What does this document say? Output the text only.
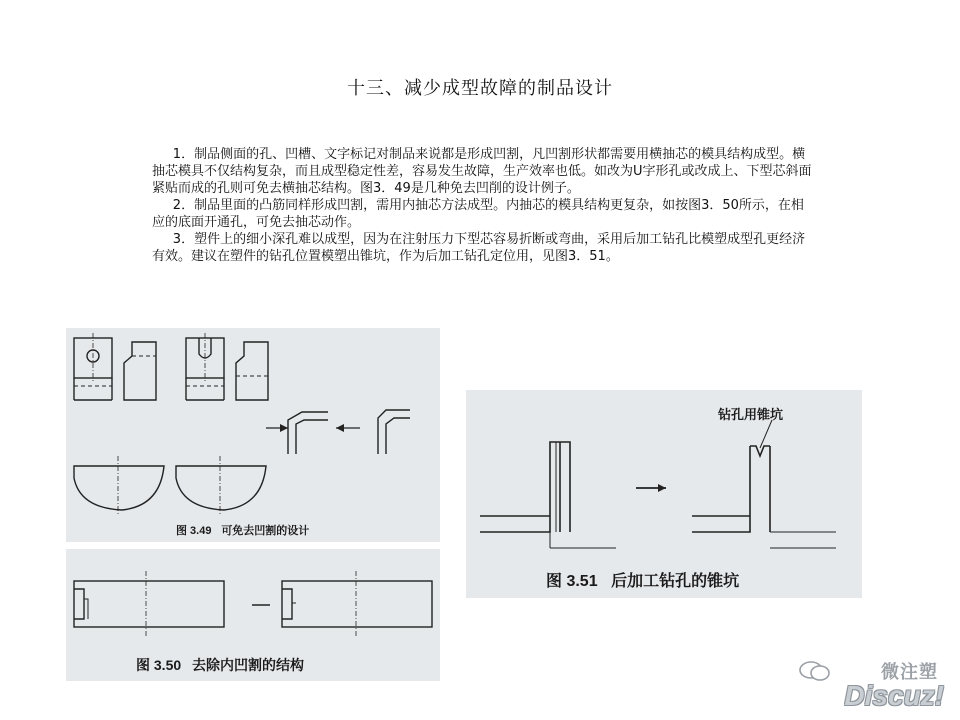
十三、减少成型故障的制品设计

1．制品侧面的孔、凹槽、文字标记对制品来说都是形成凹割，凡凹割形状都需要用横抽芯的模具结构成型。横抽芯模具不仅结构复杂，而且成型稳定性差，容易发生故障，生产效率也低。如改为U字形孔或改成上、下型芯斜面紧贴而成的孔则可免去横抽芯结构。图3．49是几种免去凹削的设计例子。

2．制品里面的凸筋同样形成凹割，需用内抽芯方法成型。内抽芯的模具结构更复杂，如按图3．50所示，在相应的底面开通孔，可免去抽芯动作。

3．塑件上的细小深孔难以成型，因为在注射压力下型芯容易折断或弯曲，采用后加工钻孔比模塑成型孔更经济有效。建议在塑件的钻孔位置模塑出锥坑，作为后加工钻孔定位用，见图3．51。

图 3.49 可免去凹割的设计
图 3.50 去除内凹割的结构
钻孔用锥坑
图 3.51 后加工钻孔的锥坑
微注塑
Discuz!
